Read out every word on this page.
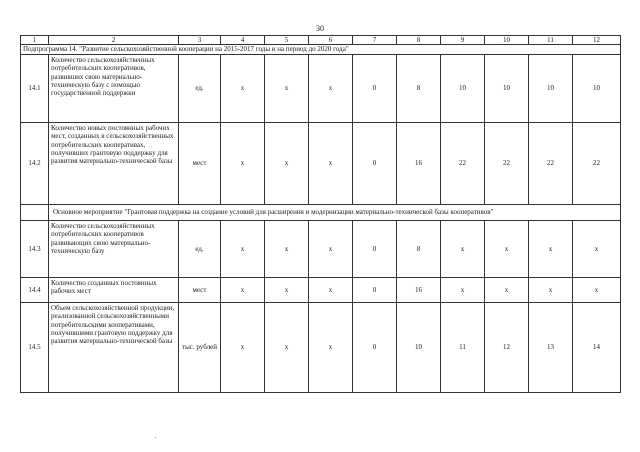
30
1	2	3	4	5	6	7	8	9	10	11	12
Подпрограмма 14. "Развитие сельскохозяйственной кооперации на 2015-2017 годы и на период до 2020 года"											
14.1	Количество сельскохозяйственных потребительских кооперативов, развивших свою материально-техническую базу с помощью государственной поддержки	ед.	x	x	x	0	8	10	10	10	10
14.2	Количество новых постоянных рабочих мест, созданных в сельскохозяйственных потребительских кооперативах, получивших грантовую поддержку для развития материально-технической базы	мест	x	x	x	0	16	22	22	22	22
	Основное мероприятие "Грантовая поддержка на создание условий для расширения и модернизации материально-технической базы кооперативов"										
14.3	Количество сельскохозяйственных потребительских кооперативов развивающих свою материально-техническую базу	ед.	x	x	x	0	8	x	x	x	x
14.4	Количество созданных постоянных рабочих мест	мест	x	x	x	0	16	x	x	x	x
14.5	Объем сельскохозяйственной продукции, реализованной сельскохозяйственными потребительскими кооперативами, получившими грантовую поддержку для развития материально-технической базы	тыс. рублей	x	x	x	0	10	11	12	13	14
